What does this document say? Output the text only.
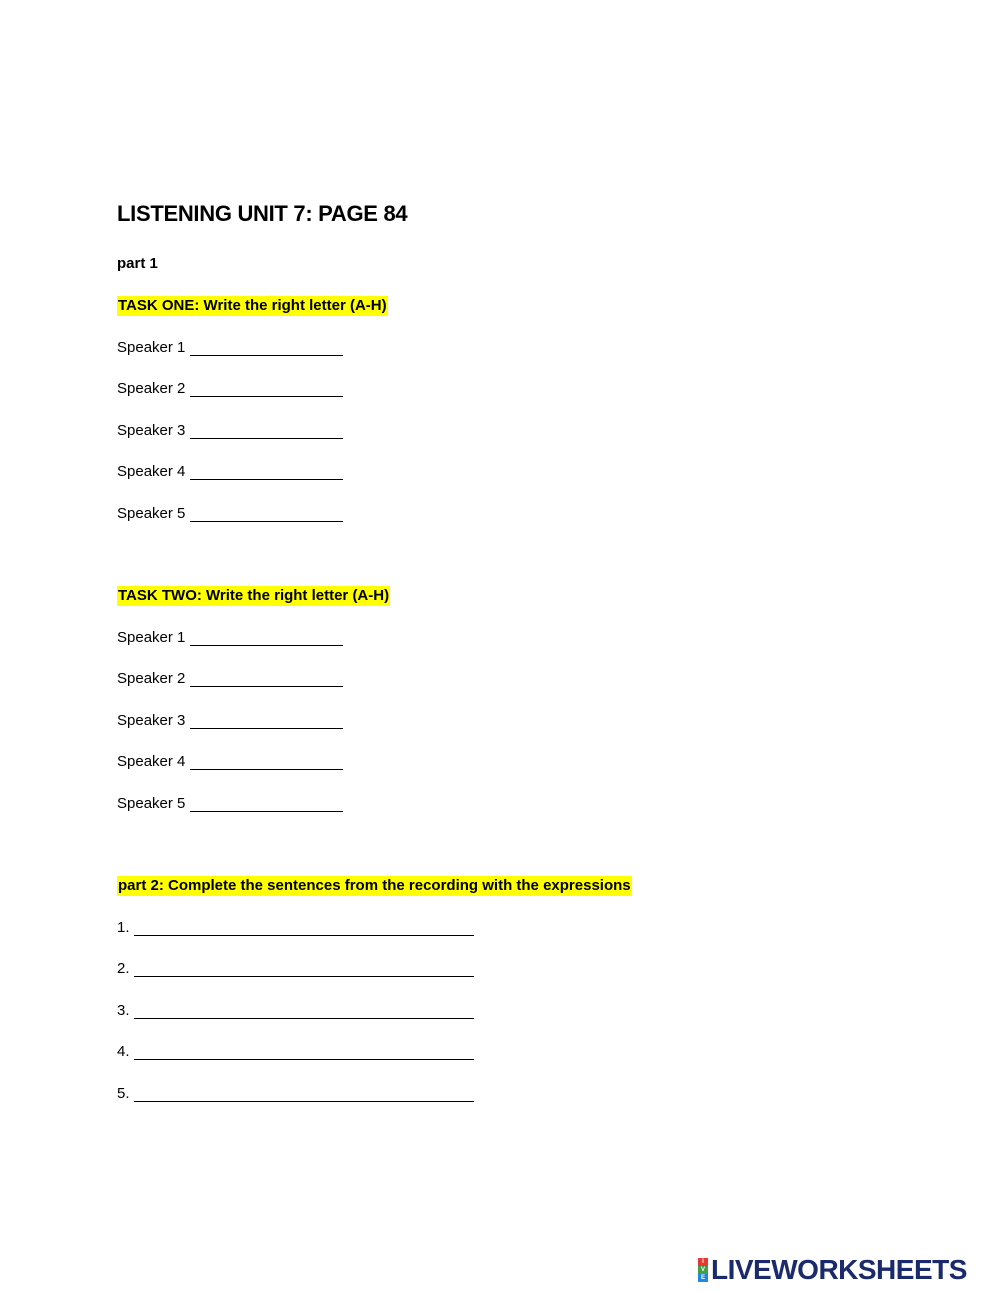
LISTENING UNIT 7: PAGE 84
part 1
TASK ONE: Write the right letter (A-H)
Speaker 1
Speaker 2
Speaker 3
Speaker 4
Speaker 5
TASK TWO: Write the right letter (A-H)
Speaker 1
Speaker 2
Speaker 3
Speaker 4
Speaker 5
part 2: Complete the sentences from the recording with the expressions
1.
2.
3.
4.
5.
I
V
E LIVEWORKSHEETS
